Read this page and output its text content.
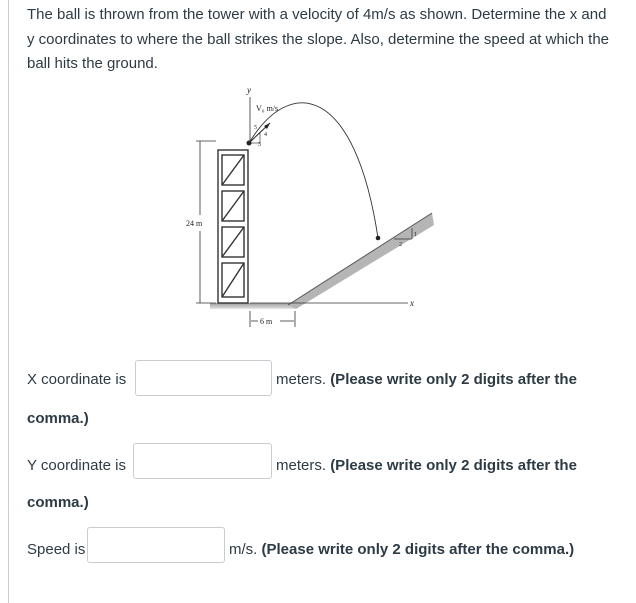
The ball is thrown from the tower with a velocity of 4m/s as shown. Determine the x and y coordinates to where the ball strikes the slope. Also, determine the speed at which the ball hits the ground.
x
y
24 m
6 m
V₀ m/s
5
4
3
1
2
X coordinate is	meters. (Please write only 2 digits after the
comma.)
Y coordinate is	meters. (Please write only 2 digits after the
comma.)
Speed is	m/s. (Please write only 2 digits after the comma.)
